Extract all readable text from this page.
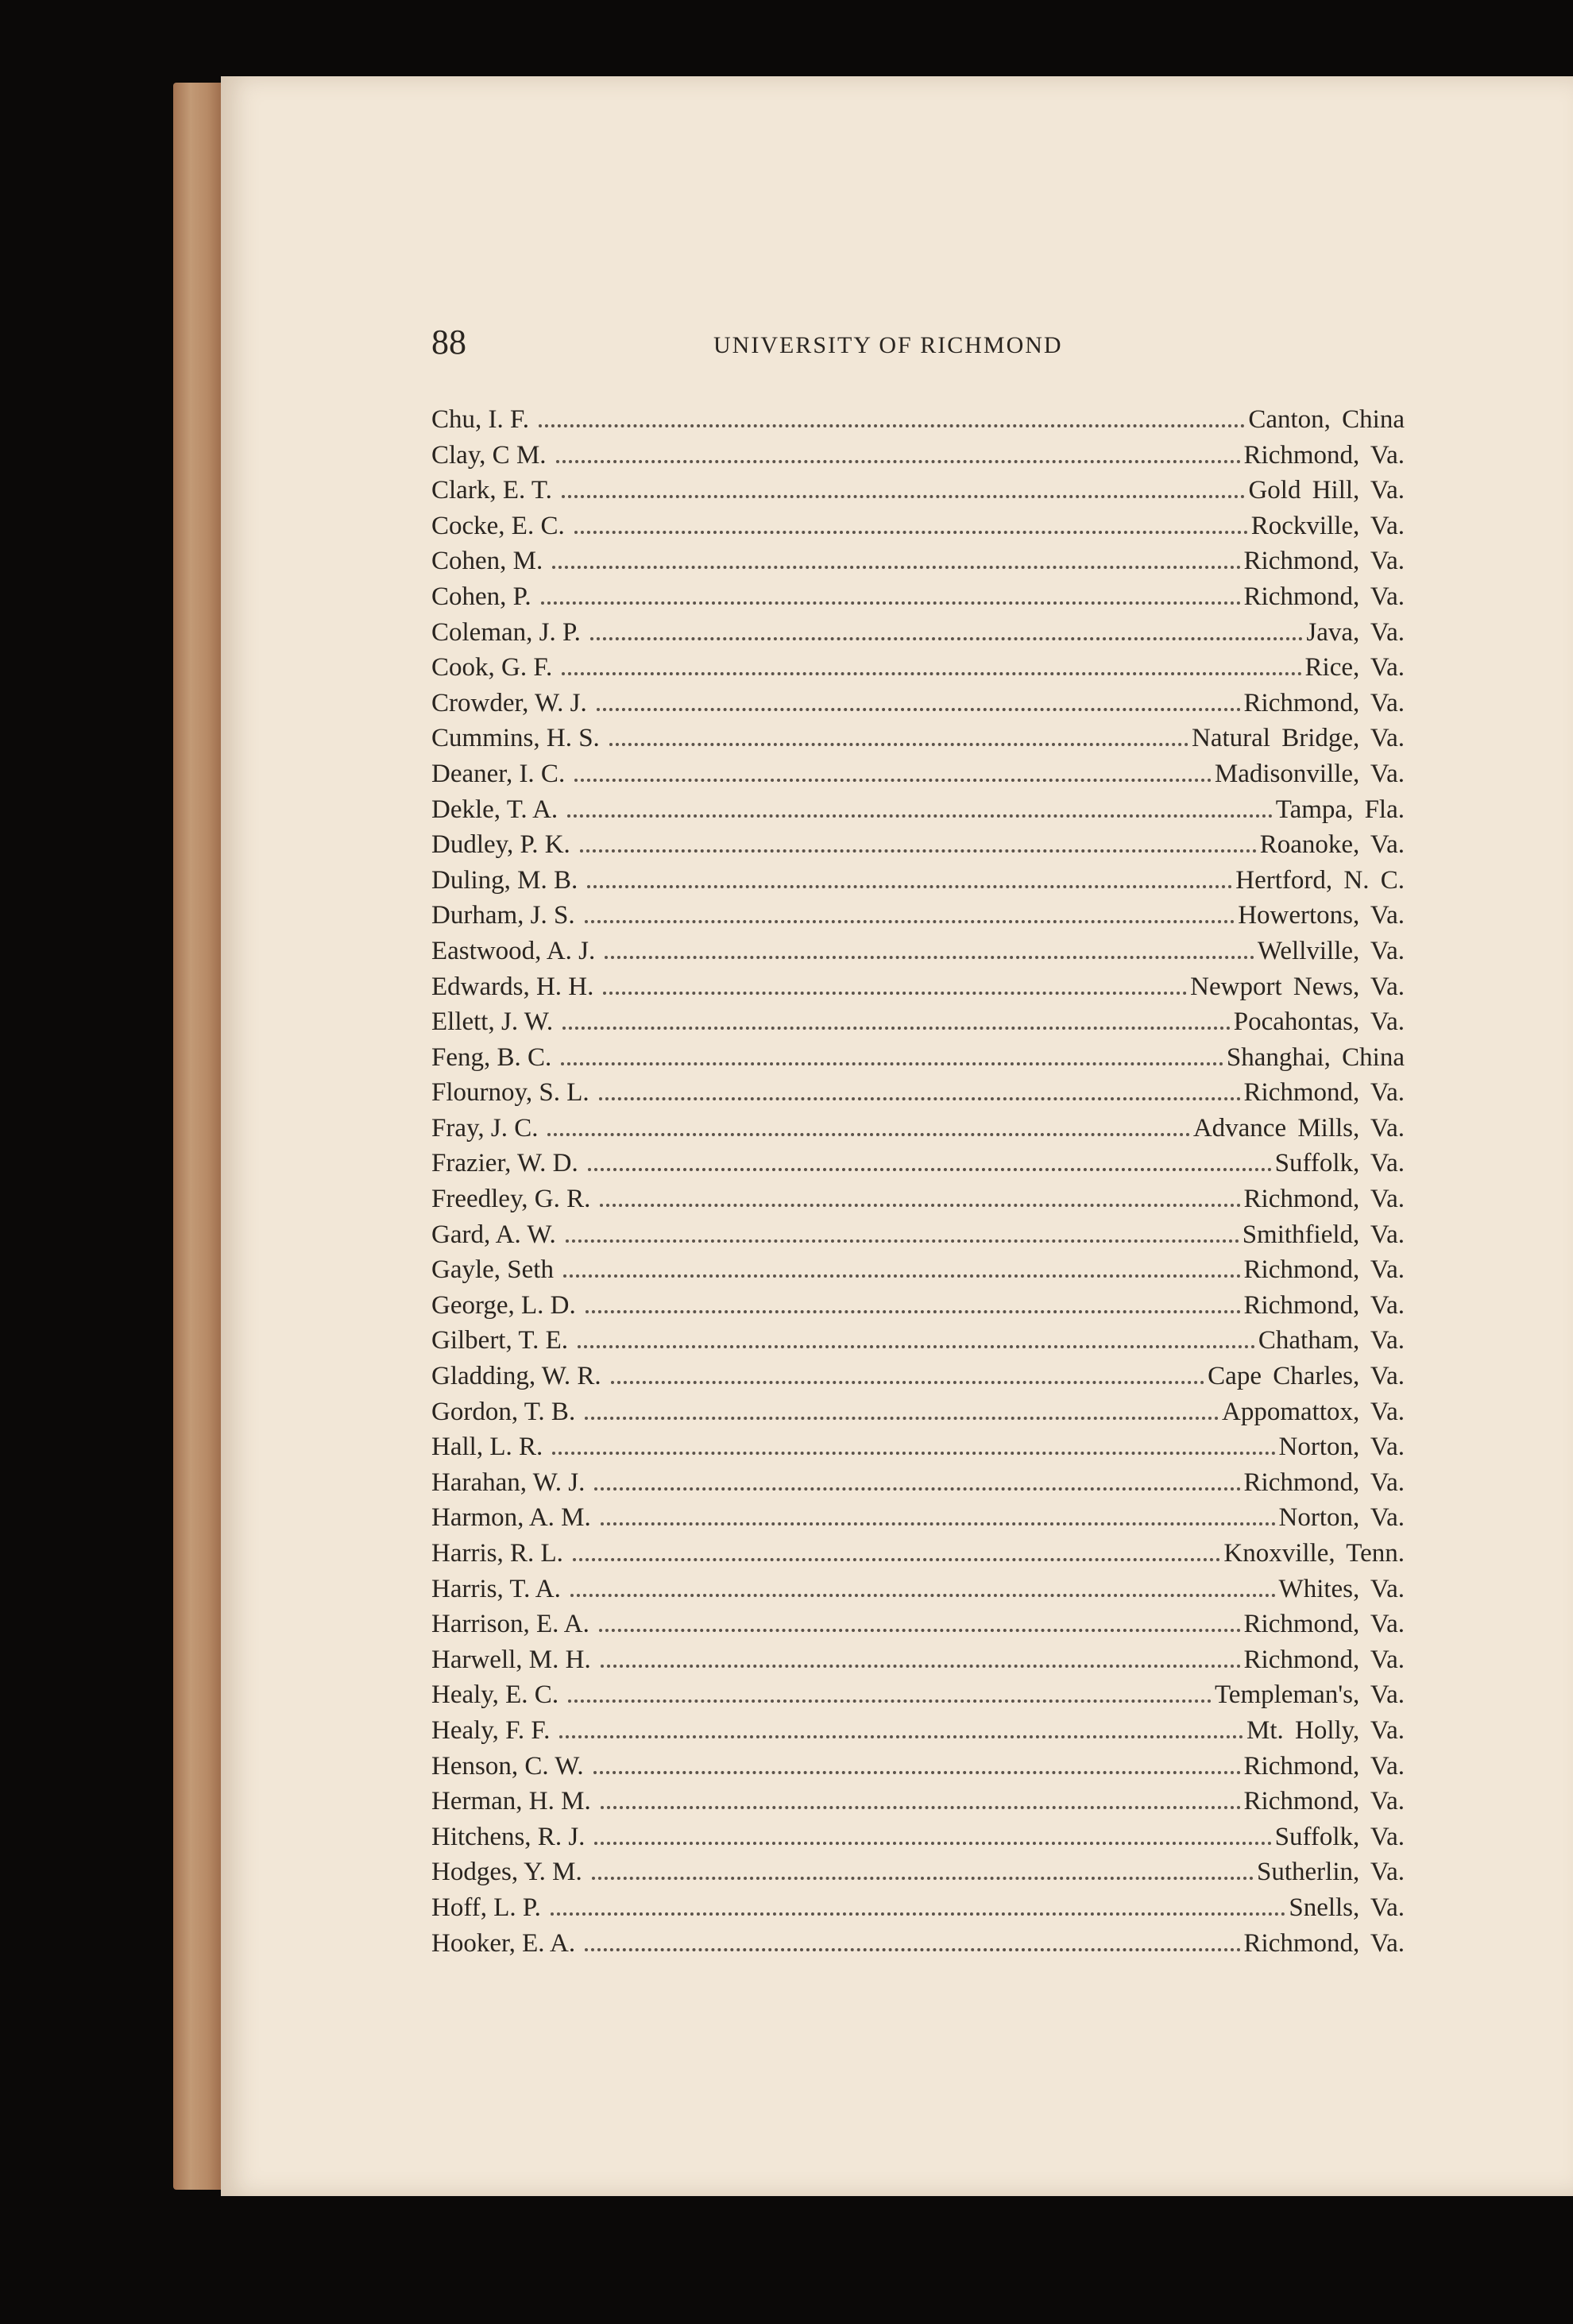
88	UNIVERSITY OF RICHMOND
Chu, I. F.	Canton, China
Clay, C M.	Richmond, Va.
Clark, E. T.	Gold Hill, Va.
Cocke, E. C.	Rockville, Va.
Cohen, M.	Richmond, Va.
Cohen, P.	Richmond, Va.
Coleman, J. P.	Java, Va.
Cook, G. F.	Rice, Va.
Crowder, W. J.	Richmond, Va.
Cummins, H. S.	Natural Bridge, Va.
Deaner, I. C.	Madisonville, Va.
Dekle, T. A.	Tampa, Fla.
Dudley, P. K.	Roanoke, Va.
Duling, M. B.	Hertford, N. C.
Durham, J. S.	Howertons, Va.
Eastwood, A. J.	Wellville, Va.
Edwards, H. H.	Newport News, Va.
Ellett, J. W.	Pocahontas, Va.
Feng, B. C.	Shanghai, China
Flournoy, S. L.	Richmond, Va.
Fray, J. C.	Advance Mills, Va.
Frazier, W. D.	Suffolk, Va.
Freedley, G. R.	Richmond, Va.
Gard, A. W.	Smithfield, Va.
Gayle, Seth	Richmond, Va.
George, L. D.	Richmond, Va.
Gilbert, T. E.	Chatham, Va.
Gladding, W. R.	Cape Charles, Va.
Gordon, T. B.	Appomattox, Va.
Hall, L. R.	Norton, Va.
Harahan, W. J.	Richmond, Va.
Harmon, A. M.	Norton, Va.
Harris, R. L.	Knoxville, Tenn.
Harris, T. A.	Whites, Va.
Harrison, E. A.	Richmond, Va.
Harwell, M. H.	Richmond, Va.
Healy, E. C.	Templeman's, Va.
Healy, F. F.	Mt. Holly, Va.
Henson, C. W.	Richmond, Va.
Herman, H. M.	Richmond, Va.
Hitchens, R. J.	Suffolk, Va.
Hodges, Y. M.	Sutherlin, Va.
Hoff, L. P.	Snells, Va.
Hooker, E. A.	Richmond, Va.
